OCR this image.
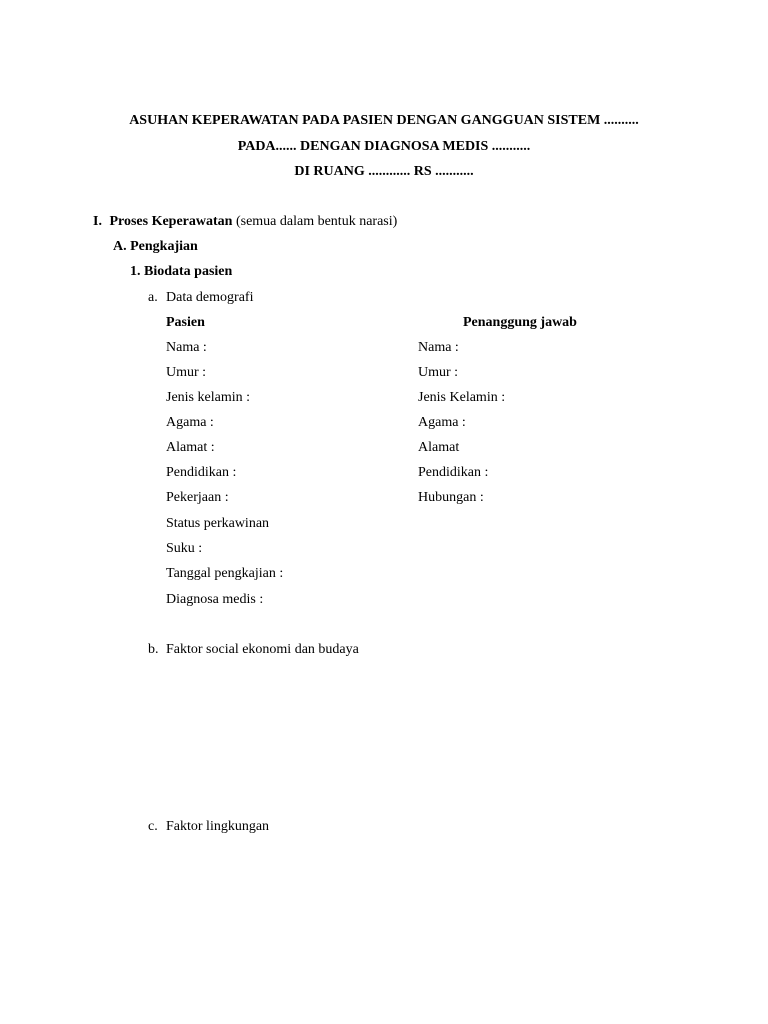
ASUHAN KEPERAWATAN PADA PASIEN DENGAN GANGGUAN SISTEM ..........
PADA...... DENGAN DIAGNOSA MEDIS ...........
DI RUANG ............ RS ...........
I. Proses Keperawatan (semua dalam bentuk narasi)
A. Pengkajian
1. Biodata pasien
a. Data demografi
Pasien	Penanggung jawab
Nama :
Umur :
Jenis kelamin :
Agama :
Alamat :
Pendidikan :
Pekerjaan :
Status perkawinan
Suku :
Tanggal pengkajian :
Diagnosa medis :
Nama :
Umur :
Jenis Kelamin :
Agama :
Alamat
Pendidikan :
Hubungan :
b. Faktor social ekonomi dan budaya
c. Faktor lingkungan
